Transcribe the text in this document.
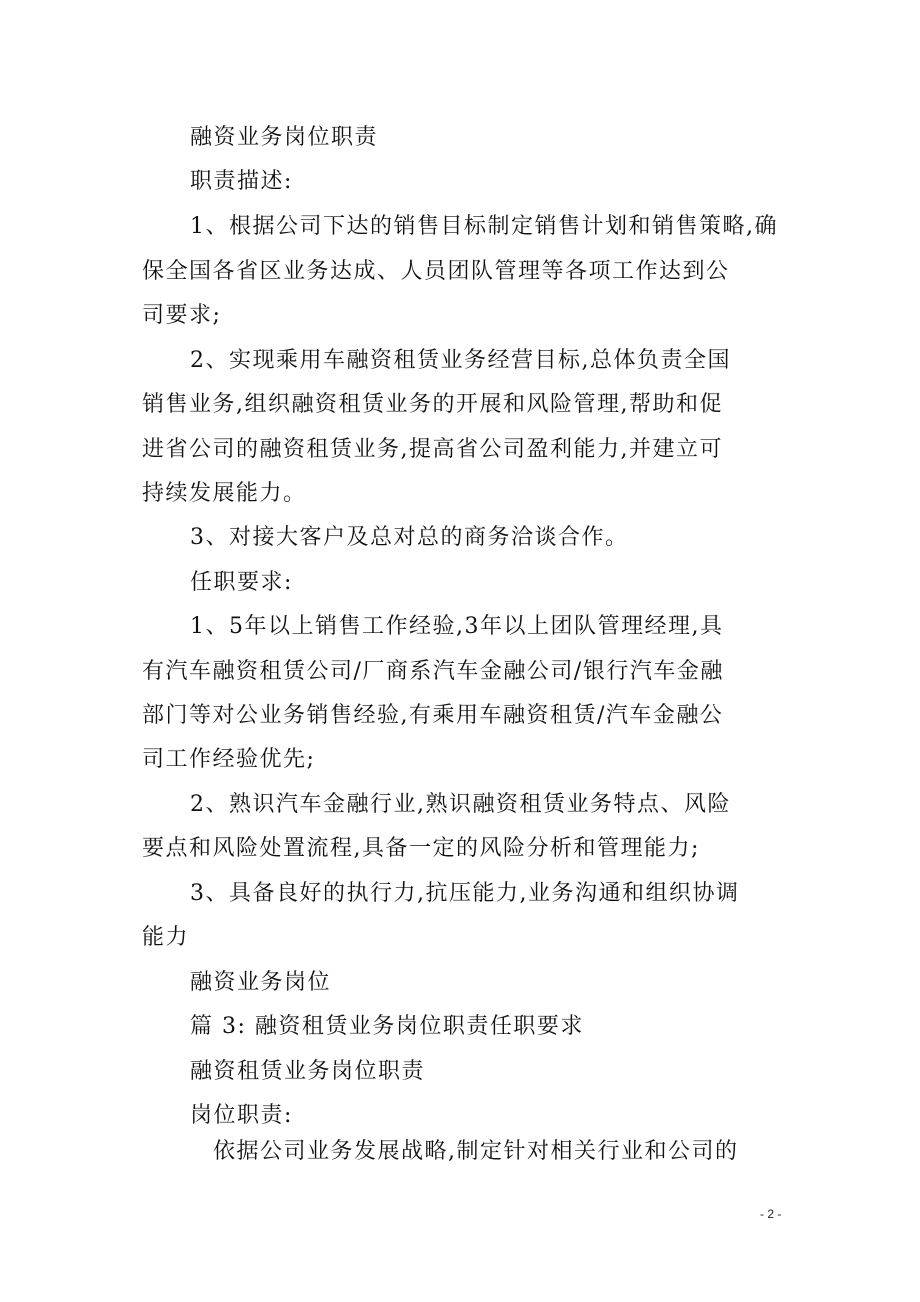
融资业务岗位职责
职责描述:
1、根据公司下达的销售目标制定销售计划和销售策略,确
保全国各省区业务达成、人员团队管理等各项工作达到公
司要求;
2、实现乘用车融资租赁业务经营目标,总体负责全国
销售业务,组织融资租赁业务的开展和风险管理,帮助和促
进省公司的融资租赁业务,提高省公司盈利能力,并建立可
持续发展能力。
3、对接大客户及总对总的商务洽谈合作。
任职要求:
1、5年以上销售工作经验,3年以上团队管理经理,具
有汽车融资租赁公司/厂商系汽车金融公司/银行汽车金融
部门等对公业务销售经验,有乘用车融资租赁/汽车金融公
司工作经验优先;
2、熟识汽车金融行业,熟识融资租赁业务特点、风险
要点和风险处置流程,具备一定的风险分析和管理能力;
3、具备良好的执行力,抗压能力,业务沟通和组织协调
能力
融资业务岗位
篇 3: 融资租赁业务岗位职责任职要求
融资租赁业务岗位职责
岗位职责:
依据公司业务发展战略,制定针对相关行业和公司的
- 2 -
